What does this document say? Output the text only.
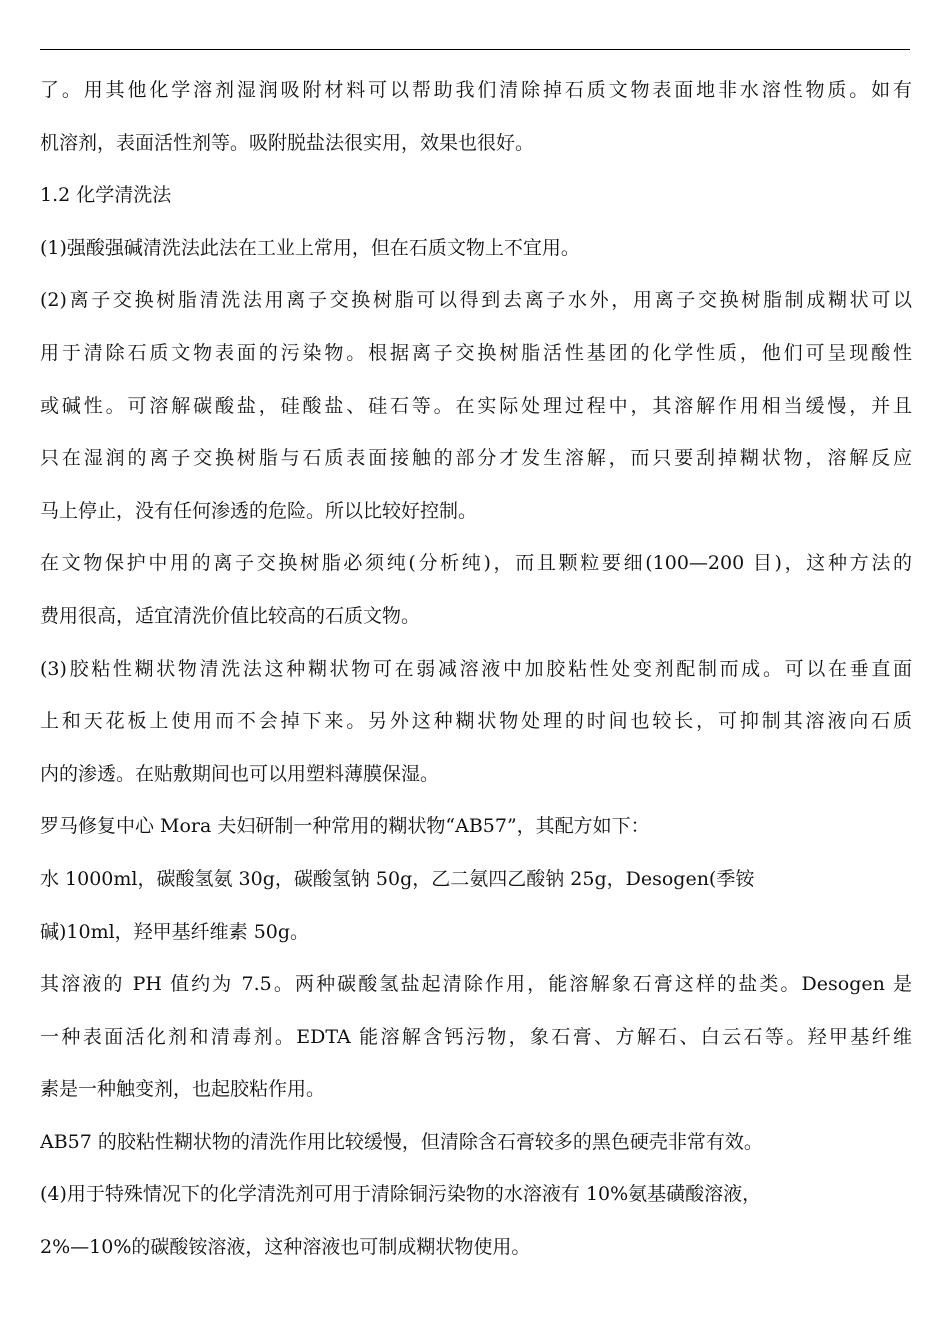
了。用其他化学溶剂湿润吸附材料可以帮助我们清除掉石质文物表面地非水溶性物质。如有
机溶剂，表面活性剂等。吸附脱盐法很实用，效果也很好。
1.2 化学清洗法
(1)强酸强碱清洗法此法在工业上常用，但在石质文物上不宜用。
(2)离子交换树脂清洗法用离子交换树脂可以得到去离子水外，用离子交换树脂制成糊状可以
用于清除石质文物表面的污染物。根据离子交换树脂活性基团的化学性质，他们可呈现酸性
或碱性。可溶解碳酸盐，硅酸盐、硅石等。在实际处理过程中，其溶解作用相当缓慢，并且
只在湿润的离子交换树脂与石质表面接触的部分才发生溶解，而只要刮掉糊状物，溶解反应
马上停止，没有任何渗透的危险。所以比较好控制。
在文物保护中用的离子交换树脂必须纯(分析纯)，而且颗粒要细(100—200 目)，这种方法的
费用很高，适宜清洗价值比较高的石质文物。
(3)胶粘性糊状物清洗法这种糊状物可在弱减溶液中加胶粘性处变剂配制而成。可以在垂直面
上和天花板上使用而不会掉下来。另外这种糊状物处理的时间也较长，可抑制其溶液向石质
内的渗透。在贴敷期间也可以用塑料薄膜保湿。
罗马修复中心 Mora 夫妇研制一种常用的糊状物“AB57”，其配方如下：
水 1000ml，碳酸氢氨 30g，碳酸氢钠 50g，乙二氨四乙酸钠 25g，Desogen(季铵
碱)10ml，羟甲基纤维素 50g。
其溶液的 PH 值约为 7.5。两种碳酸氢盐起清除作用，能溶解象石膏这样的盐类。Desogen 是
一种表面活化剂和清毒剂。EDTA 能溶解含钙污物，象石膏、方解石、白云石等。羟甲基纤维
素是一种触变剂，也起胶粘作用。
AB57 的胶粘性糊状物的清洗作用比较缓慢，但清除含石膏较多的黑色硬壳非常有效。
(4)用于特殊情况下的化学清洗剂可用于清除铜污染物的水溶液有 10%氨基磺酸溶液，
2%—10%的碳酸铵溶液，这种溶液也可制成糊状物使用。
